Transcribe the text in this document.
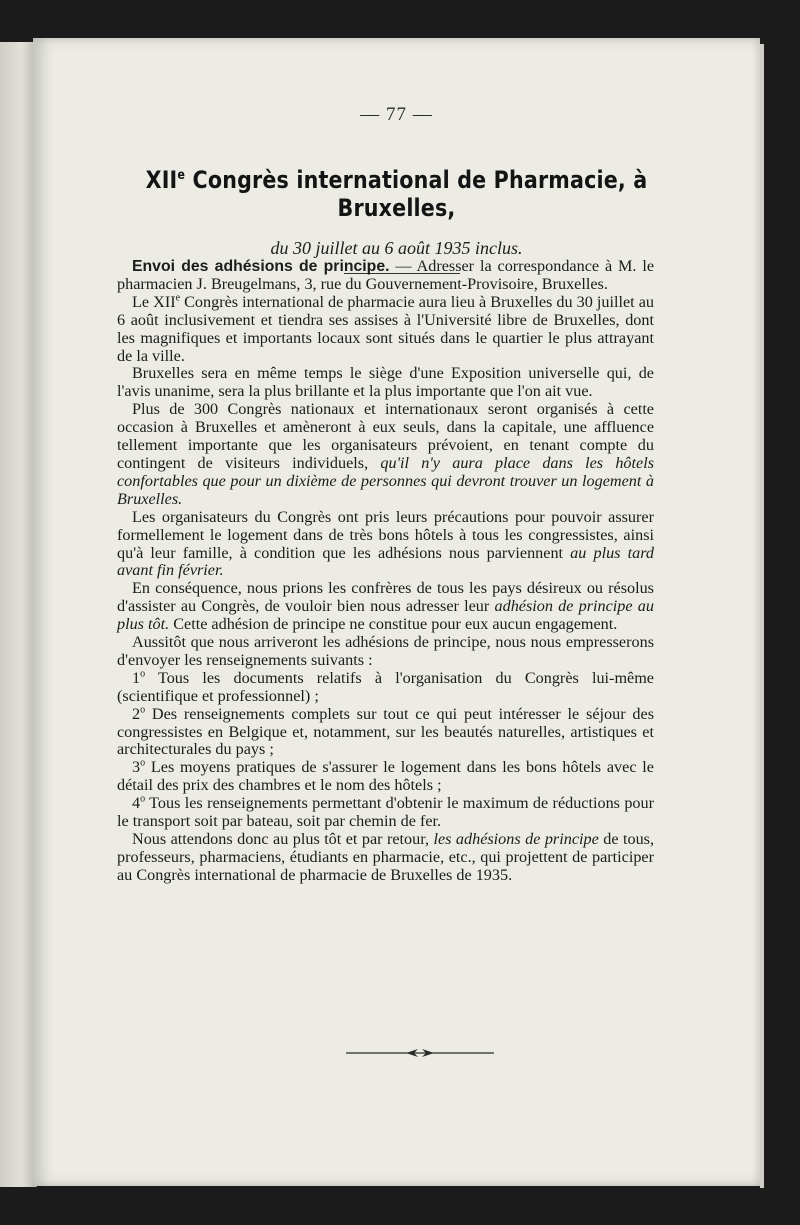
— 77 —
XIIe Congrès international de Pharmacie, à Bruxelles,
du 30 juillet au 6 août 1935 inclus.

Envoi des adhésions de principe. — Adresser la correspondance à M. le pharmacien J. Breugelmans, 3, rue du Gouvernement-Provisoire, Bruxelles.

Le XIIe Congrès international de pharmacie aura lieu à Bruxelles du 30 juillet au 6 août inclusivement et tiendra ses assises à l'Université libre de Bruxelles, dont les magnifiques et importants locaux sont situés dans le quartier le plus attrayant de la ville.

Bruxelles sera en même temps le siège d'une Exposition universelle qui, de l'avis unanime, sera la plus brillante et la plus importante que l'on ait vue.

Plus de 300 Congrès nationaux et internationaux seront organisés à cette occasion à Bruxelles et amèneront à eux seuls, dans la capitale, une affluence tellement importante que les organisateurs prévoient, en tenant compte du contingent de visiteurs individuels, qu'il n'y aura place dans les hôtels confortables que pour un dixième de personnes qui devront trouver un logement à Bruxelles.

Les organisateurs du Congrès ont pris leurs précautions pour pouvoir assurer formellement le logement dans de très bons hôtels à tous les congressistes, ainsi qu'à leur famille, à condition que les adhésions nous parviennent au plus tard avant fin février.

En conséquence, nous prions les confrères de tous les pays désireux ou résolus d'assister au Congrès, de vouloir bien nous adresser leur adhésion de principe au plus tôt. Cette adhésion de principe ne constitue pour eux aucun engagement.

Aussitôt que nous arriveront les adhésions de principe, nous nous empresserons d'envoyer les renseignements suivants :

1$^o$ Tous les documents relatifs à l'organisation du Congrès lui-même (scientifique et professionnel) ;

2$^o$ Des renseignements complets sur tout ce qui peut intéresser le séjour des congressistes en Belgique et, notamment, sur les beautés naturelles, artistiques et architecturales du pays ;

3$^o$ Les moyens pratiques de s'assurer le logement dans les bons hôtels avec le détail des prix des chambres et le nom des hôtels ;

4$^o$ Tous les renseignements permettant d'obtenir le maximum de réductions pour le transport soit par bateau, soit par chemin de fer.

Nous attendons donc au plus tôt et par retour, les adhésions de principe de tous, professeurs, pharmaciens, étudiants en pharmacie, etc., qui projettent de participer au Congrès international de pharmacie de Bruxelles de 1935.
